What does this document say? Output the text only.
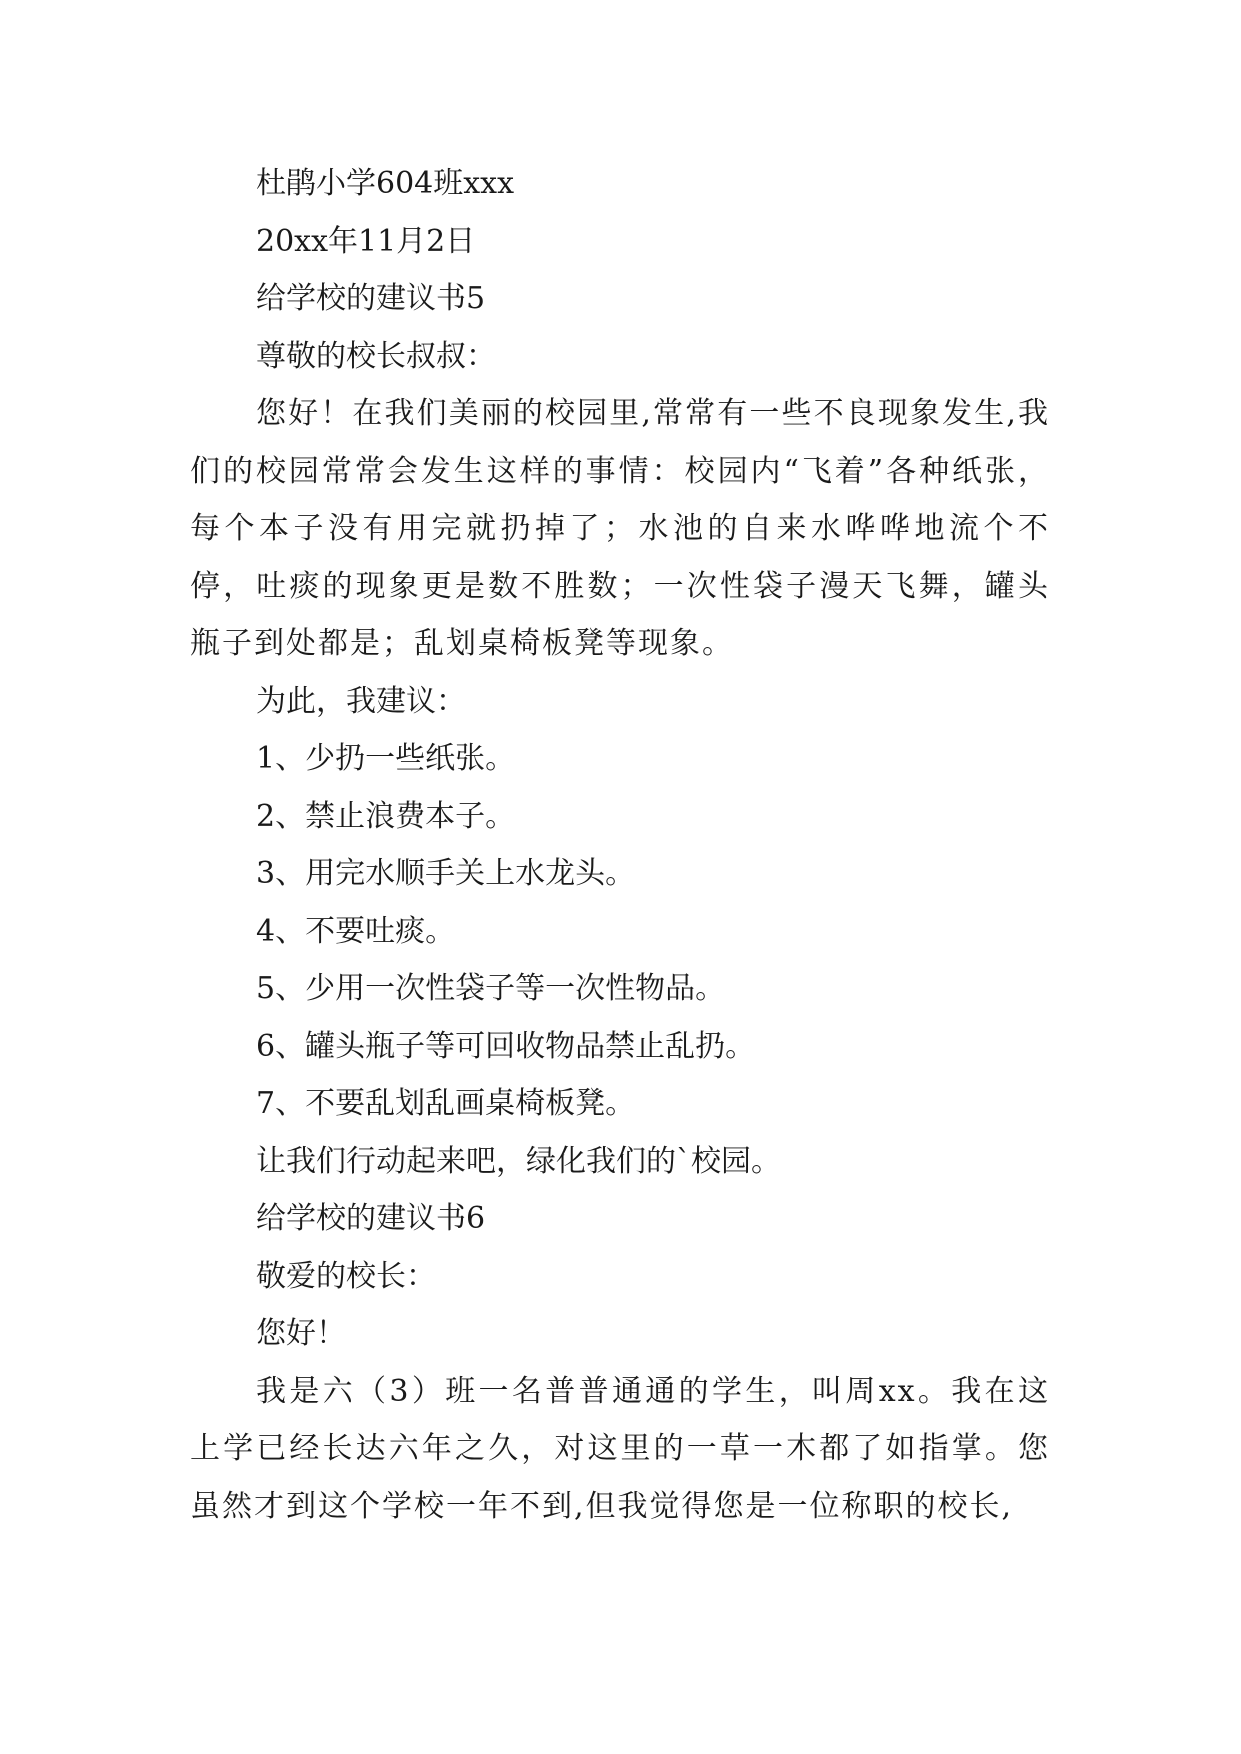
杜鹃小学604班xxx

20xx年11月2日

给学校的建议书5

尊敬的校长叔叔：

您好！在我们美丽的校园里,常常有一些不良现象发生,我们的校园常常会发生这样的事情：校园内“飞着”各种纸张，每个本子没有用完就扔掉了；水池的自来水哗哗地流个不停，吐痰的现象更是数不胜数；一次性袋子漫天飞舞，罐头瓶子到处都是；乱划桌椅板凳等现象。

为此，我建议：

1、少扔一些纸张。

2、禁止浪费本子。

3、用完水顺手关上水龙头。

4、不要吐痰。

5、少用一次性袋子等一次性物品。

6、罐头瓶子等可回收物品禁止乱扔。

7、不要乱划乱画桌椅板凳。

让我们行动起来吧，绿化我们的`校园。

给学校的建议书6

敬爱的校长：

您好！

我是六（3）班一名普普通通的学生，叫周xx。我在这上学已经长达六年之久，对这里的一草一木都了如指掌。您虽然才到这个学校一年不到,但我觉得您是一位称职的校长,
